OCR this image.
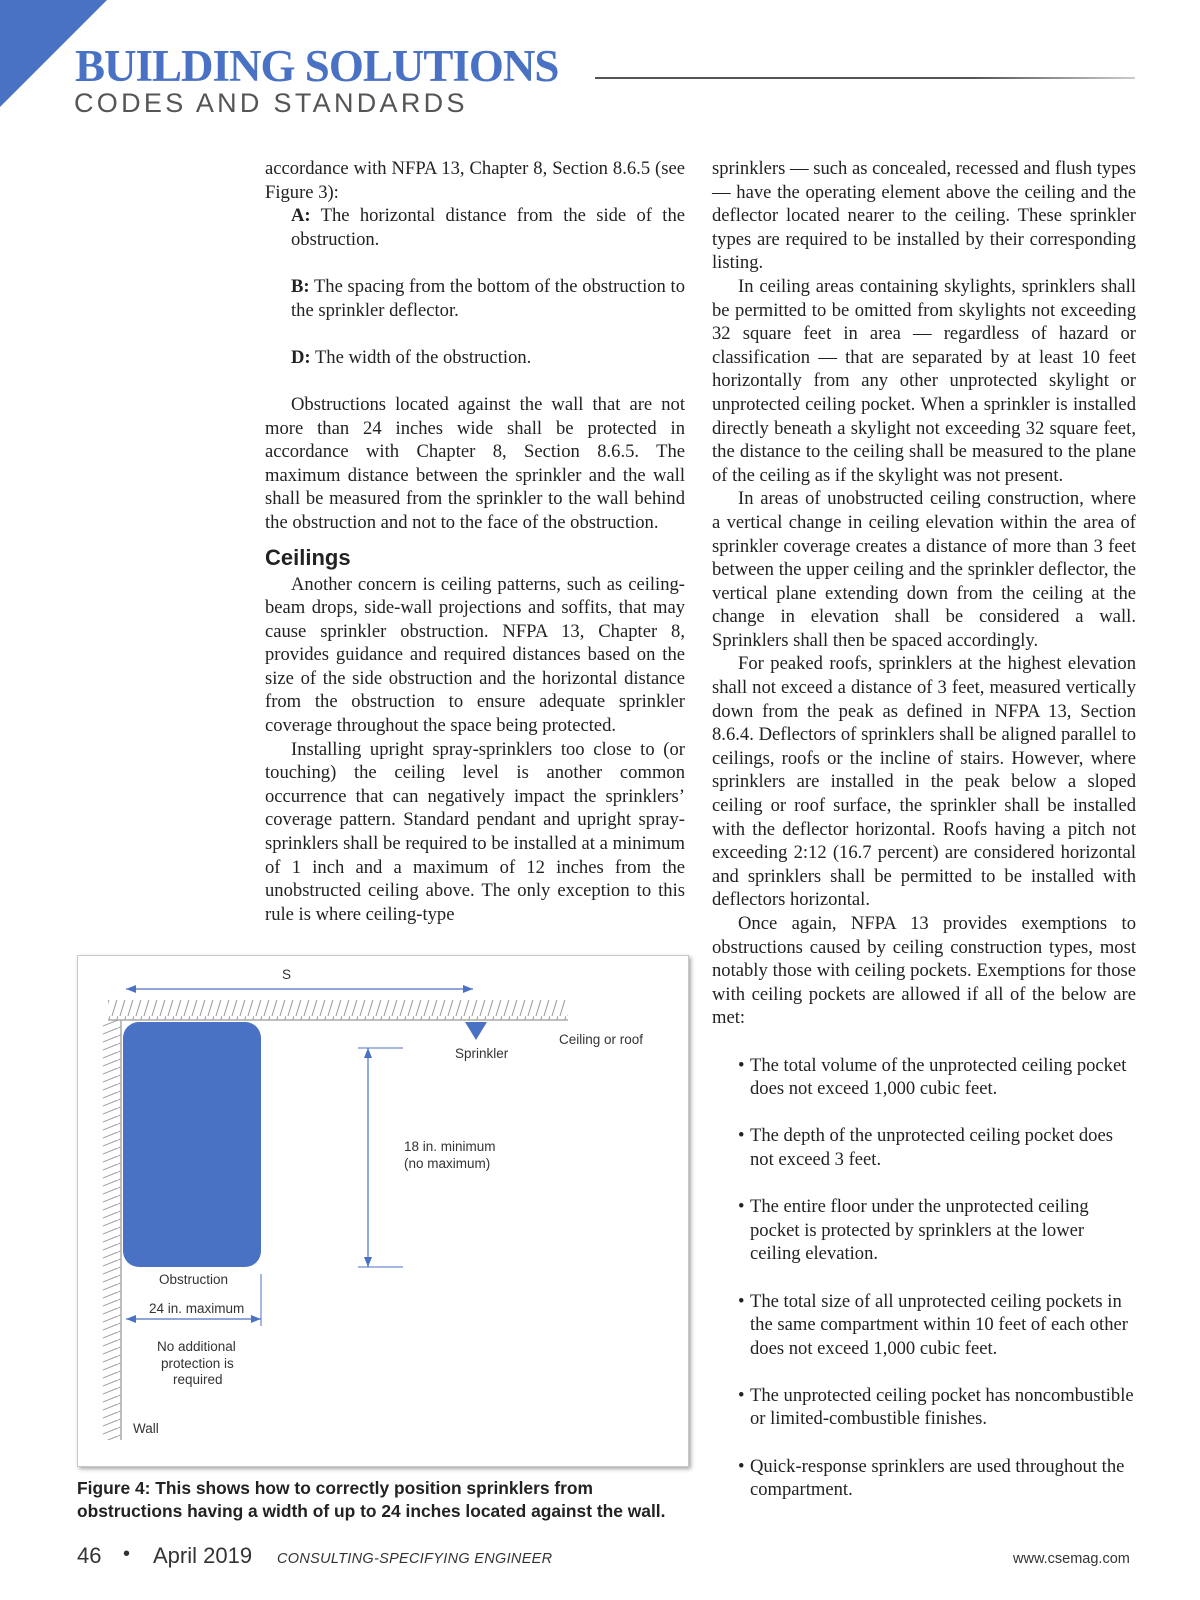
BUILDING SOLUTIONS
CODES AND STANDARDS

accordance with NFPA 13, Chapter 8, Section 8.6.5 (see Figure 3):

A: The horizontal distance from the side of the obstruction.

B: The spacing from the bottom of the obstruction to the sprinkler deflector.

D: The width of the obstruction.

Obstructions located against the wall that are not more than 24 inches wide shall be protected in accordance with Chapter 8, Section 8.6.5. The maximum distance between the sprinkler and the wall shall be measured from the sprinkler to the wall behind the obstruction and not to the face of the obstruction.

Ceilings

Another concern is ceiling patterns, such as ceiling-beam drops, side-wall projections and soffits, that may cause sprinkler obstruction. NFPA 13, Chapter 8, provides guidance and required distances based on the size of the side obstruction and the horizontal distance from the obstruction to ensure adequate sprinkler coverage throughout the space being protected.

Installing upright spray-sprinklers too close to (or touching) the ceiling level is another common occurrence that can negatively impact the sprinklers’ coverage pattern. Standard pendant and upright spray-sprinklers shall be required to be installed at a minimum of 1 inch and a maximum of 12 inches from the unobstructed ceiling above. The only exception to this rule is where ceiling-type

S
Sprinkler
Ceiling or roof
18 in. minimum
(no maximum)
Obstruction
24 in. maximum
No additional
protection is
required
Wall
Figure 4: This shows how to correctly position sprinklers from obstructions having a width of up to 24 inches located against the wall.

sprinklers — such as concealed, recessed and flush types — have the operating element above the ceiling and the deflector located nearer to the ceiling. These sprinkler types are required to be installed by their corresponding listing.

In ceiling areas containing skylights, sprinklers shall be permitted to be omitted from skylights not exceeding 32 square feet in area — regardless of hazard or classification — that are separated by at least 10 feet horizontally from any other unprotected skylight or unprotected ceiling pocket. When a sprinkler is installed directly beneath a skylight not exceeding 32 square feet, the distance to the ceiling shall be measured to the plane of the ceiling as if the skylight was not present.

In areas of unobstructed ceiling construction, where a vertical change in ceiling elevation within the area of sprinkler coverage creates a distance of more than 3 feet between the upper ceiling and the sprinkler deflector, the vertical plane extending down from the ceiling at the change in elevation shall be considered a wall. Sprinklers shall then be spaced accordingly.

For peaked roofs, sprinklers at the highest elevation shall not exceed a distance of 3 feet, measured vertically down from the peak as defined in NFPA 13, Section 8.6.4. Deflectors of sprinklers shall be aligned parallel to ceilings, roofs or the incline of stairs. However, where sprinklers are installed in the peak below a sloped ceiling or roof surface, the sprinkler shall be installed with the deflector horizontal. Roofs having a pitch not exceeding 2:12 (16.7 percent) are considered horizontal and sprinklers shall be permitted to be installed with deflectors horizontal.

Once again, NFPA 13 provides exemptions to obstructions caused by ceiling construction types, most notably those with ceiling pockets. Exemptions for those with ceiling pockets are allowed if all of the below are met:

• The total volume of the unprotected ceiling pocket does not exceed 1,000 cubic feet.
• The depth of the unprotected ceiling pocket does not exceed 3 feet.
• The entire floor under the unprotected ceiling pocket is protected by sprinklers at the lower ceiling elevation.
• The total size of all unprotected ceiling pockets in the same compartment within 10 feet of each other does not exceed 1,000 cubic feet.
• The unprotected ceiling pocket has noncombustible or limited-combustible finishes.
• Quick-response sprinklers are used throughout the compartment.
46 • April 2019 CONSULTING-SPECIFYING ENGINEER	www.csemag.com
